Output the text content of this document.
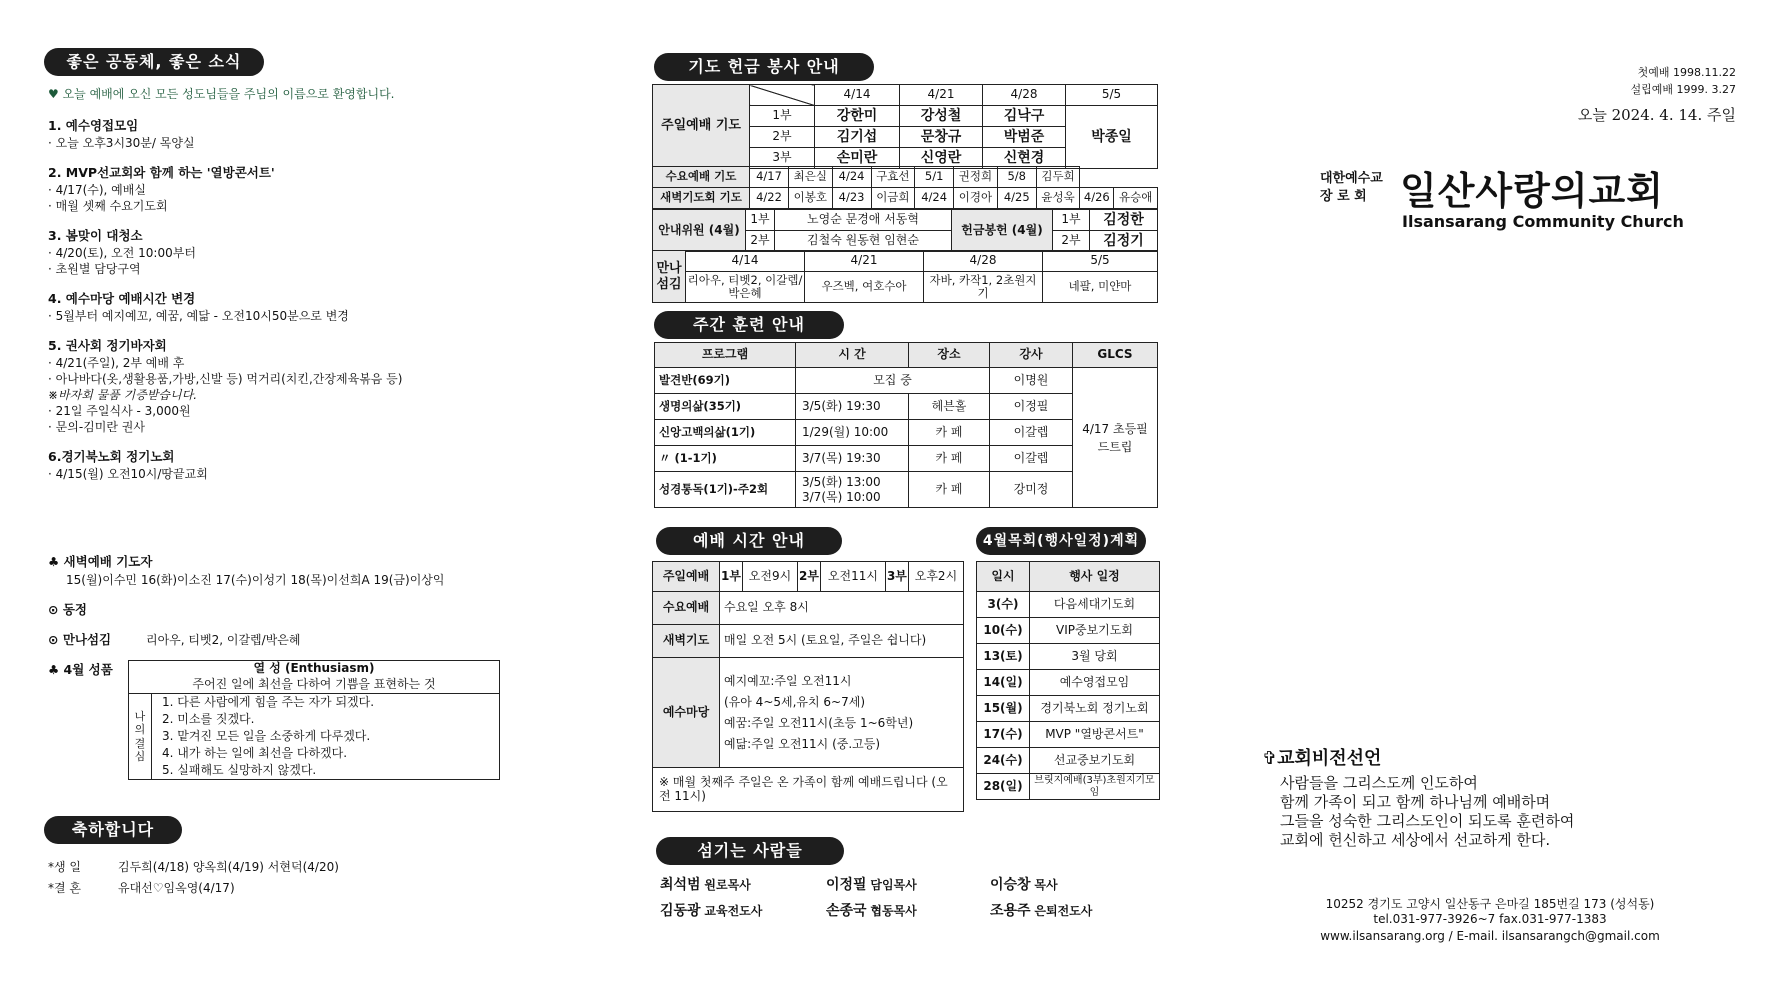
좋은 공동체, 좋은 소식
♥ 오늘 예배에 오신 모든 성도님들을 주님의 이름으로 환영합니다.
1. 예수영접모임
· 오늘 오후3시30분/ 목양실
2. MVP선교회와 함께 하는 '열방콘서트'
· 4/17(수), 예배실
· 매월 셋째 수요기도회
3. 봄맞이 대청소
· 4/20(토), 오전 10:00부터
· 초원별 담당구역
4. 예수마당 예배시간 변경
· 5월부터 예지예꼬, 예꿈, 예닮 - 오전10시50분으로 변경
5. 권사회 정기바자회
· 4/21(주일), 2부 예배 후
· 아나바다(옷,생활용품,가방,신발 등) 먹거리(치킨,간장제육볶음 등)
※바자회 물품 기증받습니다.
· 21일 주일식사 - 3,000원
· 문의-김미란 권사
6.경기북노회 정기노회
· 4/15(월) 오전10시/땅끝교회
♣ 새벽예배 기도자
15(월)이수민 16(화)이소진 17(수)이성기 18(목)이선희A 19(금)이상익
⊙ 동정
⊙ 만나섬김	리아우, 티벳2, 이갈렙/박은혜
♣ 4월 성품	열 성 (Enthusiasm)
주어진 일에 최선을 다하여 기쁨을 표현하는 것

나
의
결
심

1. 다른 사람에게 힘을 주는 자가 되겠다.
2. 미소를 짓겠다.
3. 맡겨진 모든 일을 소중하게 다루겠다.
4. 내가 하는 일에 최선을 다하겠다.
5. 실패해도 실망하지 않겠다.
축하합니다
*생 일	김두희(4/18) 양옥희(4/19) 서현덕(4/20)
*결 혼	유대선♡임옥영(4/17)
기도 헌금 봉사 안내
주일예배 기도		4/14	4/21	4/28	5/5
	1부	강한미	강성철	김낙구	박종일
	2부	김기섭	문창규	박범준	
	3부	손미란	신영란	신현경	
수요예배 기도	4/17	최은실	4/24	구효선	5/1	권정희	5/8	김두희		
새벽기도회 기도	4/22	이봉호	4/23	이금희	4/24	이경아	4/25	윤성욱	4/26	유승애
안내위원 (4월)	1부	노영순 문경애 서동혁	헌금봉헌 (4월)	1부	김정한
	2부	김철숙 원동현 임현순		2부	김정기
만나 섬김	4/14	4/21	4/28	5/5
	리아우, 티벳2, 이갈렙/박은혜	우즈벡, 여호수아	자바, 카작1, 2초원지기	네팔, 미얀마
주간 훈련 안내
프로그램	시 간	장소	강사	GLCS
발견반(69기)	모집 중		이명원	4/17 초등필드트립
생명의삶(35기)	3/5(화) 19:30	헤븐홀	이정필	
신앙고백의삶(1기)	1/29(월) 10:00	카 페	이갈렙	
〃 (1-1기)	3/7(목) 19:30	카 페	이갈렙	
성경통독(1기)-주2회	3/5(화) 13:00 3/7(목) 10:00	카 페	강미정	
예배 시간 안내
주일예배	1부	오전9시	2부	오전11시	3부	오후2시
수요예배	수요일 오후 8시					
새벽기도	매일 오전 5시 (토요일, 주일은 쉽니다)					
예수마당	예지예꼬:주일 오전11시
(유아 4~5세,유치 6~7세)
예꿈:주일 오전11시(초등 1~6학년)
예닮:주일 오전11시 (중.고등)					

※ 매월 첫째주 주일은 온 가족이 함께 예배드립니다 (오전 11시)						
4월목회(행사일정)계획
일시	행사 일정
3(수)	다음세대기도회
10(수)	VIP중보기도회
13(토)	3월 당회
14(일)	예수영접모임
15(월)	경기북노회 정기노회
17(수)	MVP "열방콘서트"
24(수)	선교중보기도회
28(일)	브릿지예배(3부)초원지기모임
섬기는 사람들
최석범 원로목사	이정필 담임목사	이승창 목사
김동광 교육전도사	손종국 협동목사	조용주 은퇴전도사
첫예배 1998.11.22
설립예배 1999. 3.27
오늘 2024. 4. 14. 주일
대한예수교
장 로 회 일산사랑의교회
Ilsansarang Community Church
✞교회비전선언
사람들을 그리스도께 인도하여
함께 가족이 되고 함께 하나님께 예배하며
그들을 성숙한 그리스도인이 되도록 훈련하여
교회에 헌신하고 세상에서 선교하게 한다.
10252 경기도 고양시 일산동구 은마길 185번길 173 (성석동)
tel.031-977-3926~7 fax.031-977-1383
www.ilsansarang.org / E-mail. ilsansarangch@gmail.com
